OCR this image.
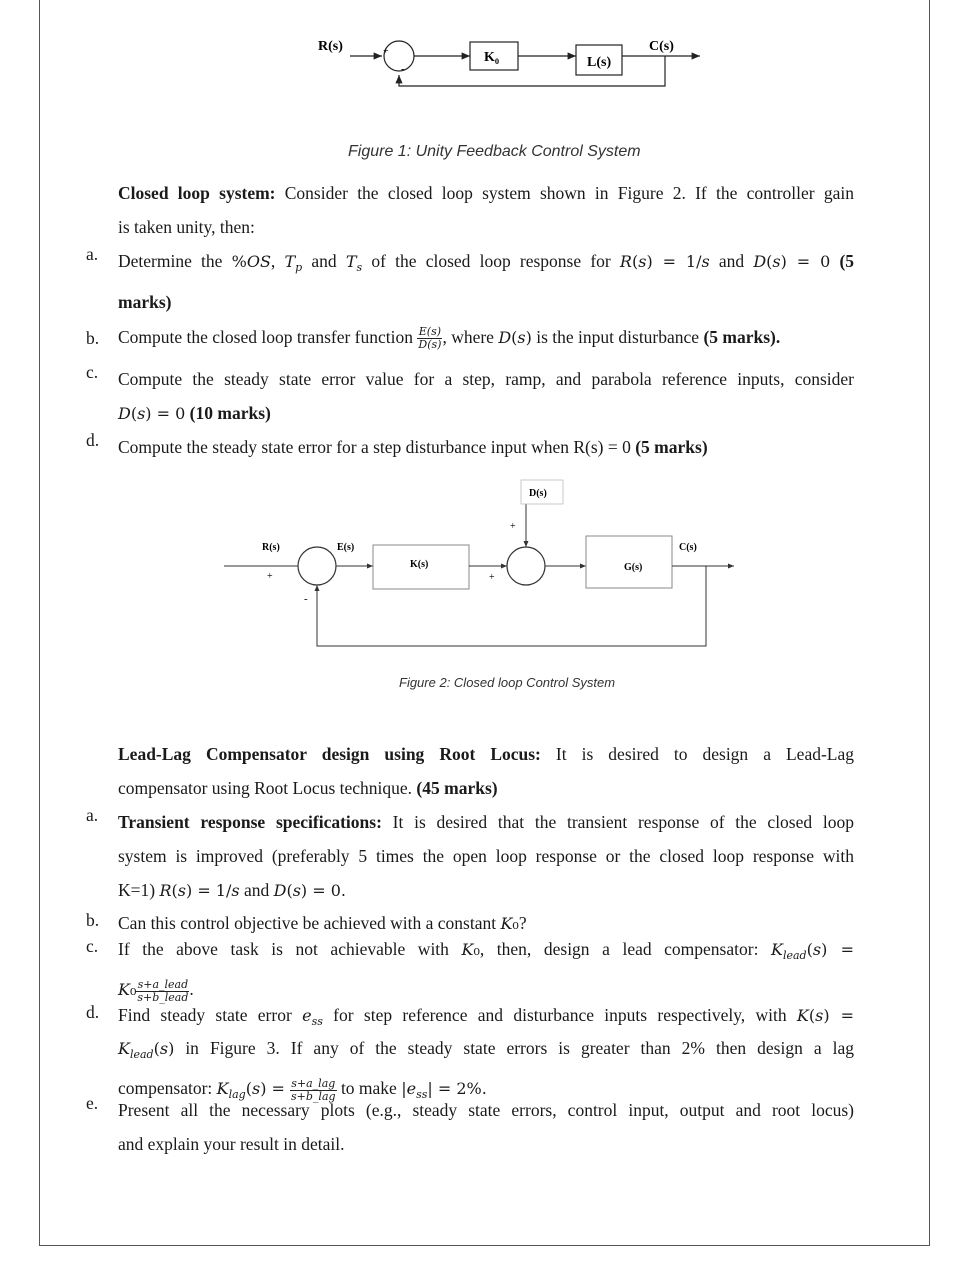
R(s)	C(s)
K₀	L(s)
+
-
Figure 1: Unity Feedback Control System
Closed loop system: Consider the closed loop system shown in Figure 2. If the controller gain
is taken unity, then:
a.	Determine the %OS, $T_p$ and $T_s$ of the closed loop response for R(s) = 1/s and D(s) = 0 (5
marks)
b.	Compute the closed loop transfer function $\frac{E(s)}{D(s)}$ , where D(s) is the input disturbance (5 marks).
c.	Compute the steady state error value for a step, ramp, and parabola reference inputs, consider
D(s) = 0 (10 marks)
d.	Compute the steady state error for a step disturbance input when R(s) = 0 (5 marks)
D(s)
R(s)	E(s)
K(s)	G(s)
C(s)
+
-
+
+
Figure 2: Closed loop Control System
Lead-Lag Compensator design using Root Locus: It is desired to design a Lead-Lag
compensator using Root Locus technique. (45 marks)
a.	Transient response specifications: It is desired that the transient response of the closed loop
system is improved (preferably 5 times the open loop response or the closed loop response with
K=1) R(s) = 1/s and D(s) = 0.
b.	Can this control objective be achieved with a constant K₀?
c.	If the above task is not achievable with K₀, then, design a lead compensator: $K_{lead}(s)$ =
$K_0 \frac{\text{s+a\_lead}}{\text{s+b\_lead}}$ .
d.	Find steady state error $e_{ss}$ for step reference and disturbance inputs respectively, with K(s) =
$K_{lead}(s)$ in Figure 3. If any of the steady state errors is greater than 2% then design a lag
compensator: $K_{lag}(s) = \frac{\text{s+a\_lag}}{\text{s+b\_lag}}$ to make $|e_{ss}| = 2\%$.
e.	Present all the necessary plots (e.g., steady state errors, control input, output and root locus)
and explain your result in detail.
